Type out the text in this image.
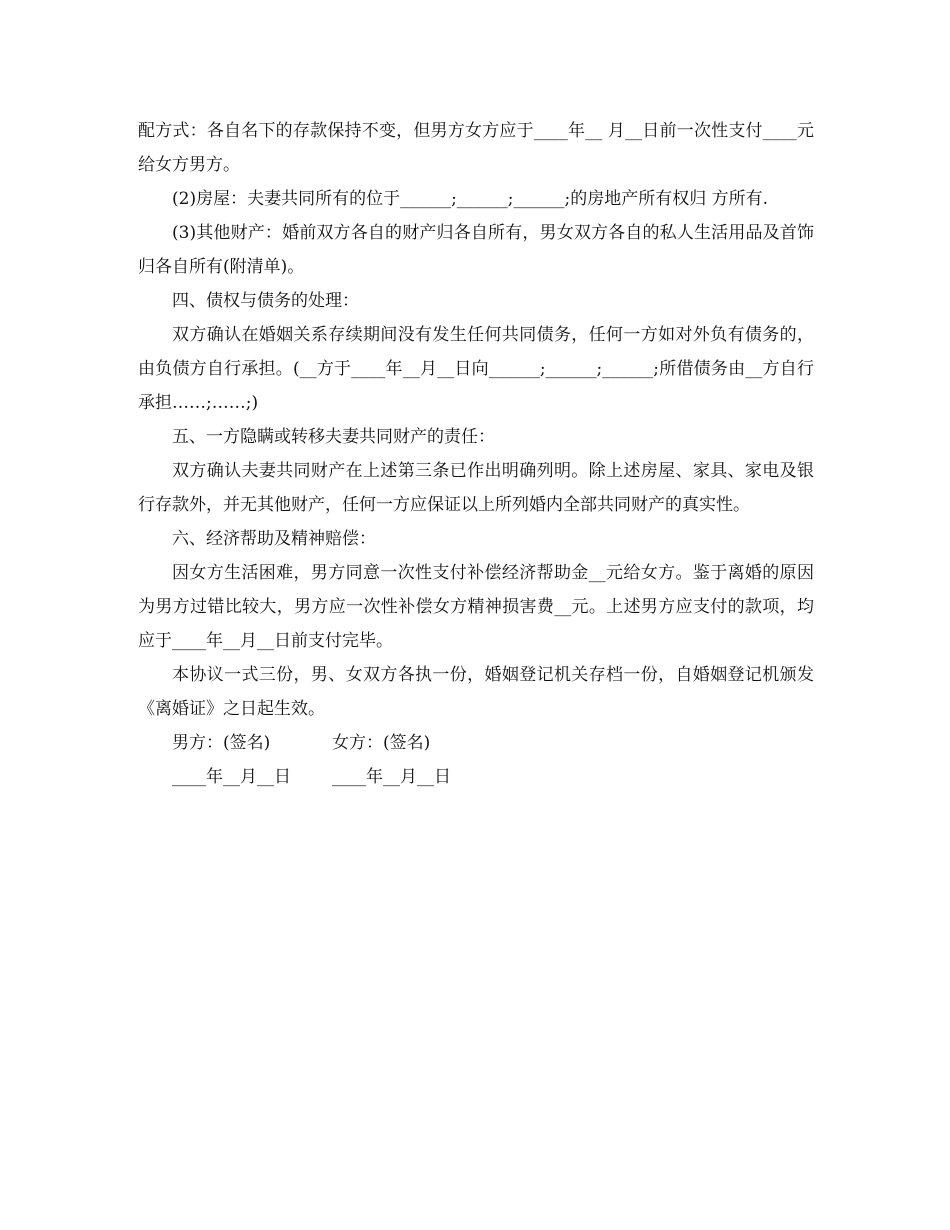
配方式：各自名下的存款保持不变，但男方女方应于____年__ 月__日前一次性支付____元给女方男方。

(2)房屋：夫妻共同所有的位于______;______;______;的房地产所有权归 方所有.

(3)其他财产：婚前双方各自的财产归各自所有，男女双方各自的私人生活用品及首饰归各自所有(附清单)。

四、债权与债务的处理：

双方确认在婚姻关系存续期间没有发生任何共同债务，任何一方如对外负有债务的，由负债方自行承担。(__方于____年__月__日向______;______;______;所借债务由__方自行承担……;……;)

五、一方隐瞒或转移夫妻共同财产的责任：

双方确认夫妻共同财产在上述第三条已作出明确列明。除上述房屋、家具、家电及银行存款外，并无其他财产，任何一方应保证以上所列婚内全部共同财产的真实性。

六、经济帮助及精神赔偿：

因女方生活困难，男方同意一次性支付补偿经济帮助金__元给女方。鉴于离婚的原因为男方过错比较大，男方应一次性补偿女方精神损害费__元。上述男方应支付的款项，均应于____年__月__日前支付完毕。

本协议一式三份，男、女双方各执一份，婚姻登记机关存档一份，自婚姻登记机颁发《离婚证》之日起生效。

男方：(签名)	女方：(签名)
____年__月__日	____年__月__日
